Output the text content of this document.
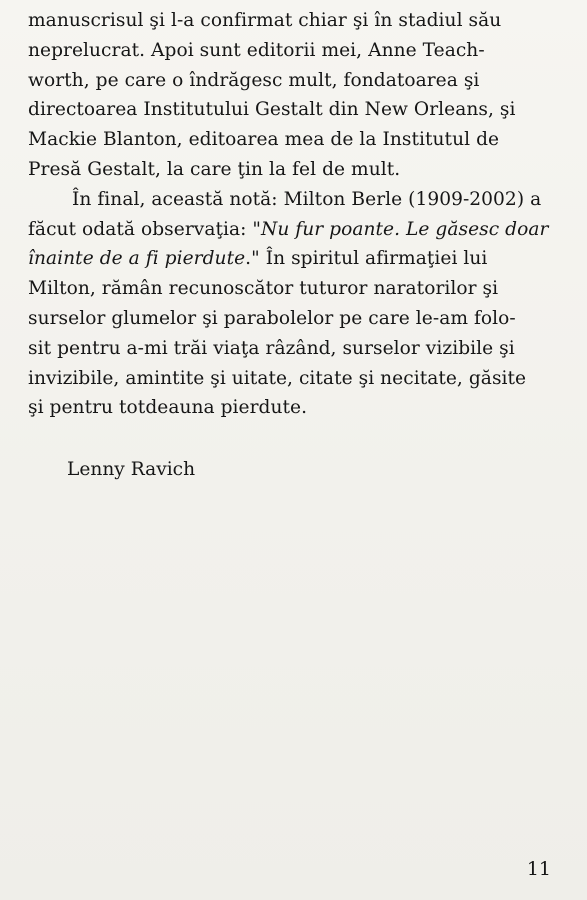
manuscrisul şi l-a confirmat chiar şi în stadiul său

neprelucrat. Apoi sunt editorii mei, Anne Teach-

worth, pe care o îndrăgesc mult, fondatoarea şi

directoarea Institutului Gestalt din New Orleans, şi

Mackie Blanton, editoarea mea de la Institutul de

Presă Gestalt, la care ţin la fel de mult.

În final, această notă: Milton Berle (1909-2002) a

făcut odată observaţia: "Nu fur poante. Le găsesc doar

înainte de a fi pierdute." În spiritul afirmaţiei lui

Milton, rămân recunoscător tuturor naratorilor şi

surselor glumelor şi parabolelor pe care le-am folo-

sit pentru a-mi trăi viaţa râzând, surselor vizibile şi

invizibile, amintite şi uitate, citate şi necitate, găsite

şi pentru totdeauna pierdute.

Lenny Ravich
11
